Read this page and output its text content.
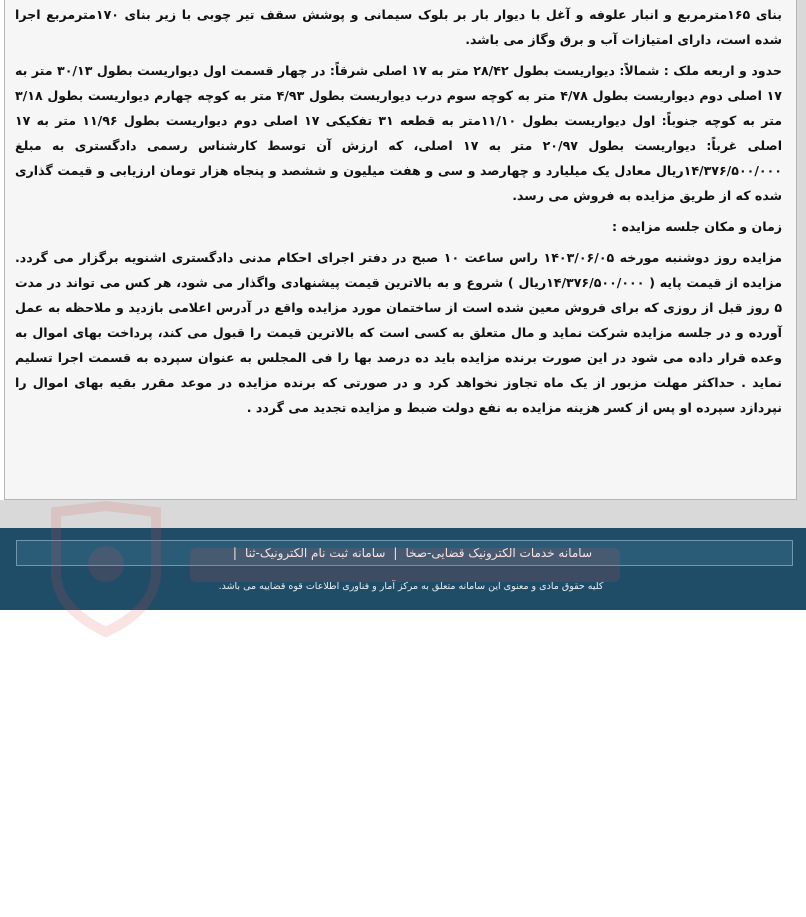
بنای ۱۶۵مترمربع و انبار علوفه و آغل با دیوار بار بر بلوک سیمانی و پوشش سقف تیر چوبی با زیر بنای ۱۷۰مترمربع اجرا شده است، دارای امتیازات آب و برق وگاز می باشد.

حدود و اربعه ملک : شمالاً: دیواریست بطول ۲۸/۴۲ متر به ۱۷ اصلی شرقاً: در چهار قسمت اول دیواریست بطول ۳۰/۱۳ متر به ۱۷ اصلی دوم دیواریست بطول ۴/۷۸ متر به کوچه سوم درب دیواریست بطول ۴/۹۳ متر به کوچه چهارم دیواریست بطول ۳/۱۸ متر به کوچه جنوباً: اول دیواریست بطول ۱۱/۱۰متر به قطعه ۳۱ تفکیکی ۱۷ اصلی دوم دیواریست بطول ۱۱/۹۶ متر به ۱۷ اصلی غرباً: دیواریست بطول ۲۰/۹۷ متر به ۱۷ اصلی، که ارزش آن توسط کارشناس رسمی دادگستری به مبلغ ۱۴/۳۷۶/۵۰۰/۰۰۰ریال معادل یک میلیارد و چهارصد و سی و هفت میلیون و ششصد و پنجاه هزار تومان ارزیابی و قیمت گذاری شده که از طریق مزایده به فروش می رسد.

زمان و مکان جلسه مزایده :

مزایده روز دوشنبه مورخه ۱۴۰۳/۰۶/۰۵ راس ساعت ۱۰ صبح در دفتر اجرای احکام مدنی دادگستری اشنویه برگزار می گردد. مزایده از قیمت پایه ( ۱۴/۳۷۶/۵۰۰/۰۰۰ریال ) شروع و به بالاترین قیمت پیشنهادی واگذار می شود، هر کس می تواند در مدت ۵ روز قبل از روزی که برای فروش معین شده است از ساختمان مورد مزایده واقع در آدرس اعلامی بازدید و ملاحظه به عمل آورده و در جلسه مزایده شرکت نماید و مال متعلق به کسی است که بالاترین قیمت را قبول می کند، پرداخت بهای اموال به وعده قرار داده می شود در این صورت برنده مزایده باید ده درصد بها را فی المجلس به عنوان سپرده به قسمت اجرا تسلیم نماید . حداکثر مهلت مزبور از یک ماه تجاوز نخواهد کرد و در صورتی که برنده مزایده در موعد مقرر بقیه بهای اموال را نپردازد سپرده او پس از کسر هزینه مزایده به نفع دولت ضبط و مزایده تجدید می گردد .

سامانه خدمات الکترونیک قضایی-صخا|سامانه ثبت نام الکترونیک-ثنا|
کلیه حقوق مادی و معنوی این سامانه متعلق به مرکز آمار و فناوری اطلاعات قوه قضاییه می باشد.
